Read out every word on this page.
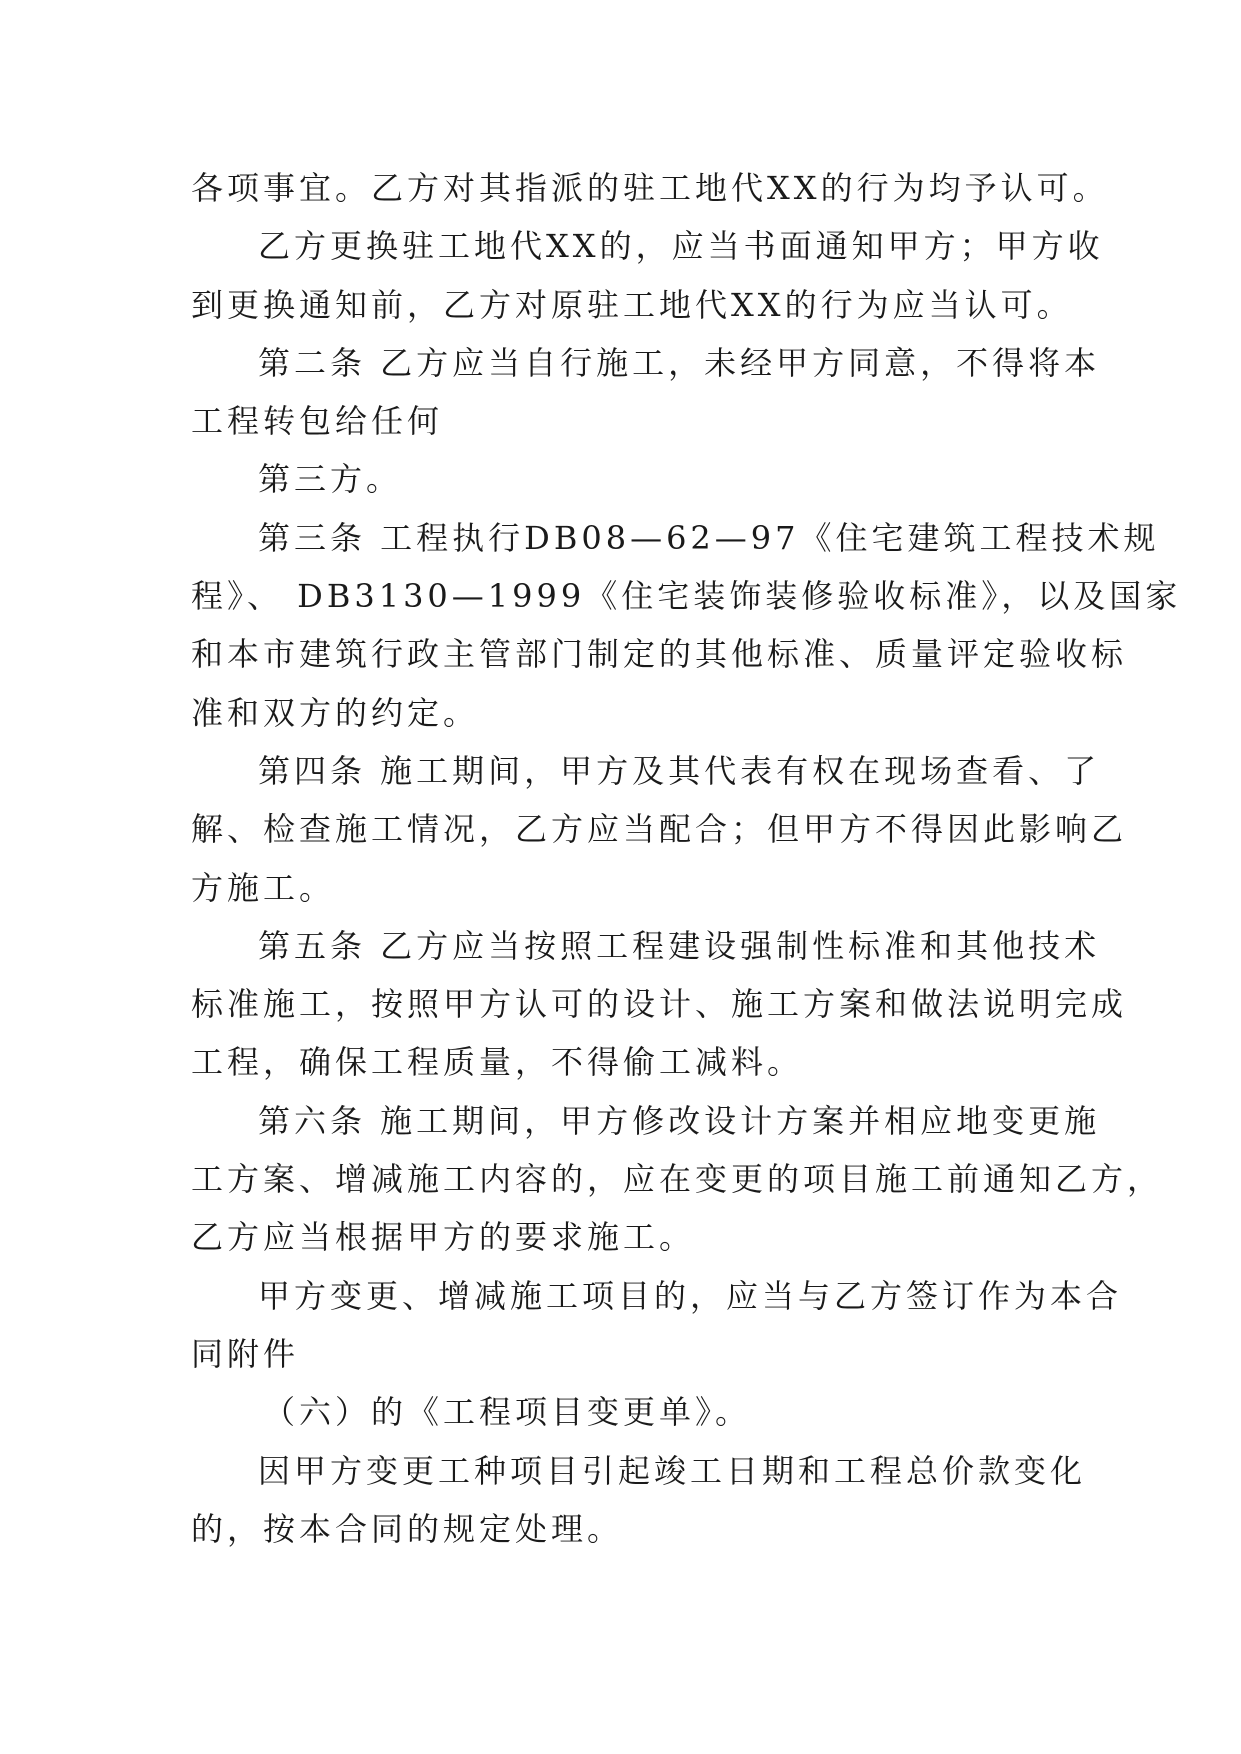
各项事宜。乙方对其指派的驻工地代XX的行为均予认可。
乙方更换驻工地代XX的，应当书面通知甲方；甲方收
到更换通知前，乙方对原驻工地代XX的行为应当认可。
第二条 乙方应当自行施工，未经甲方同意，不得将本
工程转包给任何
第三方。
第三条 工程执行DB08—62—97《住宅建筑工程技术规
程》、 DB3130—1999《住宅装饰装修验收标准》，以及国家
和本市建筑行政主管部门制定的其他标准、质量评定验收标
准和双方的约定。
第四条 施工期间，甲方及其代表有权在现场查看、了
解、检查施工情况，乙方应当配合；但甲方不得因此影响乙
方施工。
第五条 乙方应当按照工程建设强制性标准和其他技术
标准施工，按照甲方认可的设计、施工方案和做法说明完成
工程，确保工程质量，不得偷工减料。
第六条 施工期间，甲方修改设计方案并相应地变更施
工方案、增减施工内容的，应在变更的项目施工前通知乙方，
乙方应当根据甲方的要求施工。
甲方变更、增减施工项目的，应当与乙方签订作为本合
同附件
（六）的《工程项目变更单》。
因甲方变更工种项目引起竣工日期和工程总价款变化
的，按本合同的规定处理。
